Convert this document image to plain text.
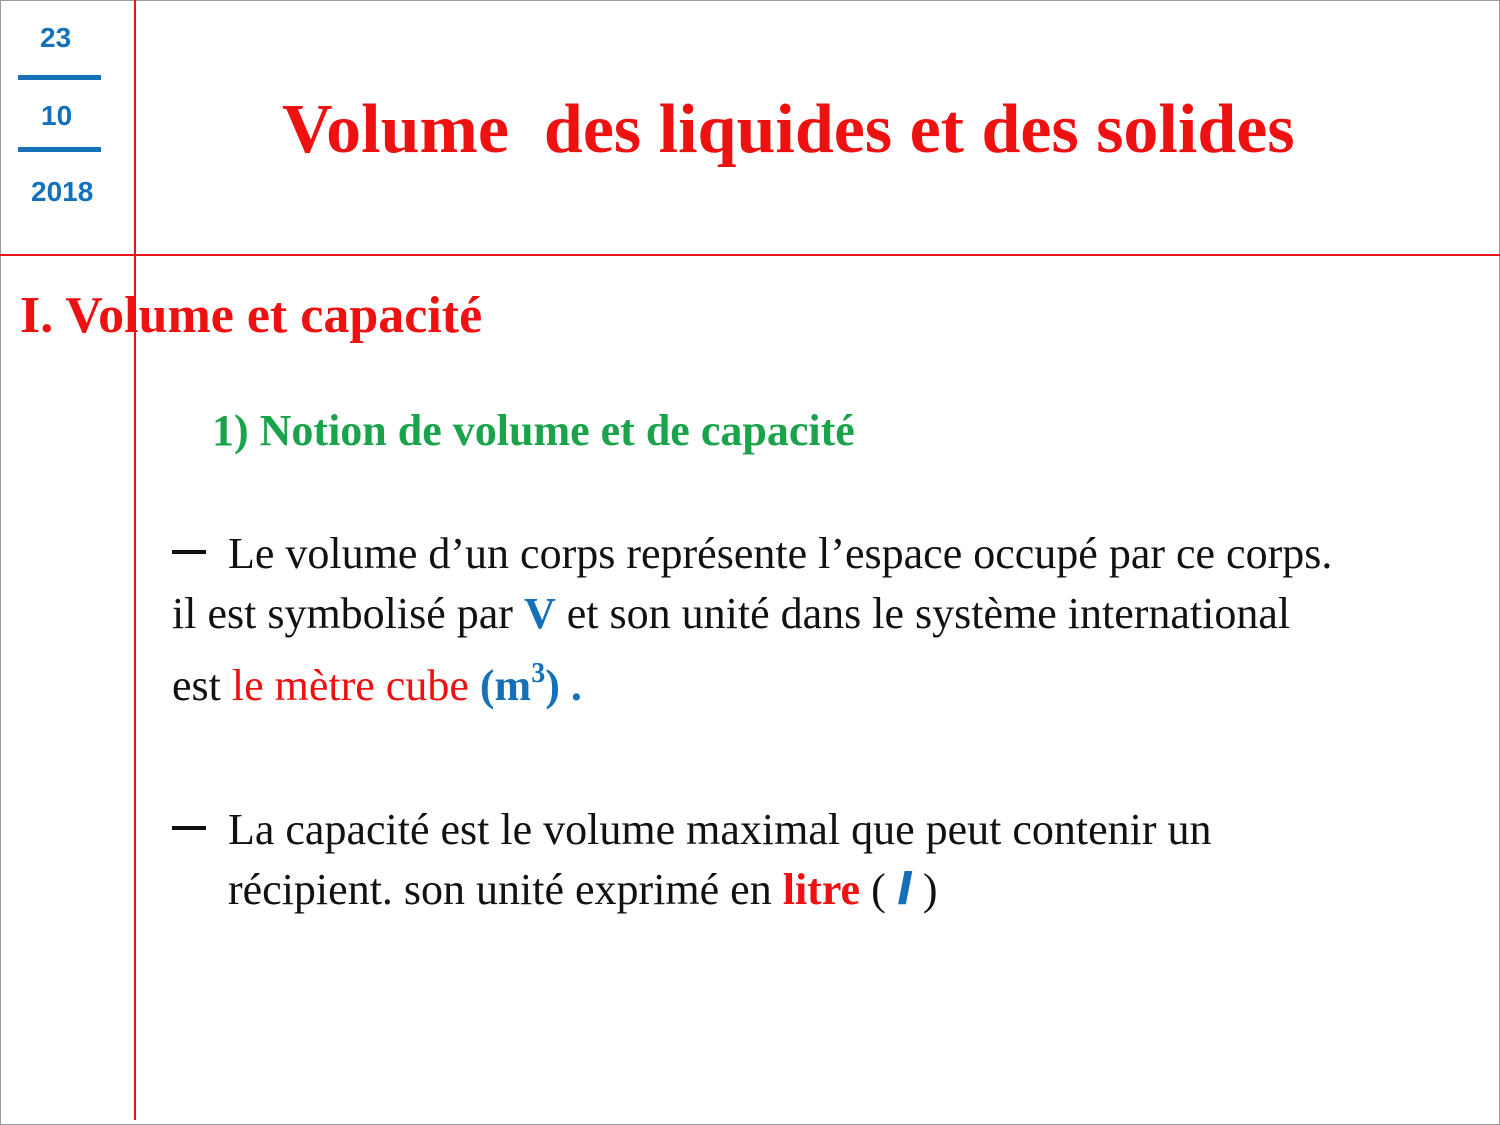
23
10
2018
Volume  des liquides et des solides
I. Volume et capacité
1) Notion de volume et de capacité
Le volume d’un corps représente l’espace occupé par ce corps.
il est symbolisé par V et son unité dans le système international
est le mètre cube $(m^3)$ .
La capacité est le volume maximal que peut contenir un
récipient. son unité exprimé en litre ( l )
